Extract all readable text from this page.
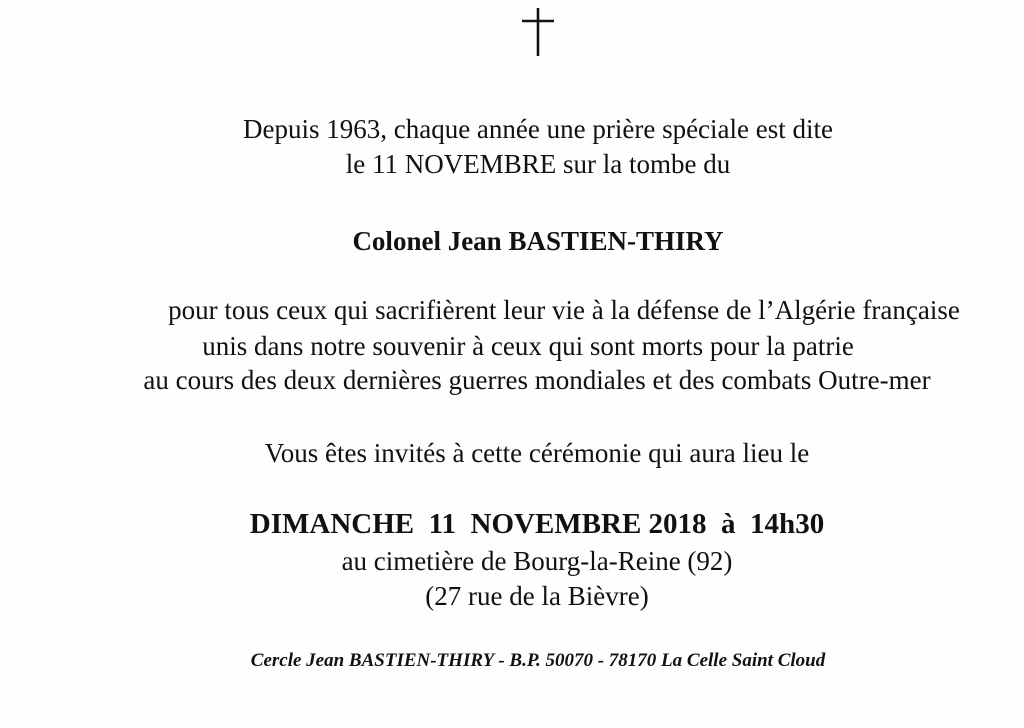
Depuis 1963, chaque année une prière spéciale est dite
le 11 NOVEMBRE sur la tombe du
Colonel Jean BASTIEN-THIRY
pour tous ceux qui sacrifièrent leur vie à la défense de l’Algérie française
unis dans notre souvenir à ceux qui sont morts pour la patrie
au cours des deux dernières guerres mondiales et des combats Outre-mer
Vous êtes invités à cette cérémonie qui aura lieu le
DIMANCHE  11  NOVEMBRE 2018  à  14h30
au cimetière de Bourg-la-Reine (92)
(27 rue de la Bièvre)
Cercle Jean BASTIEN-THIRY - B.P. 50070 - 78170 La Celle Saint Cloud
